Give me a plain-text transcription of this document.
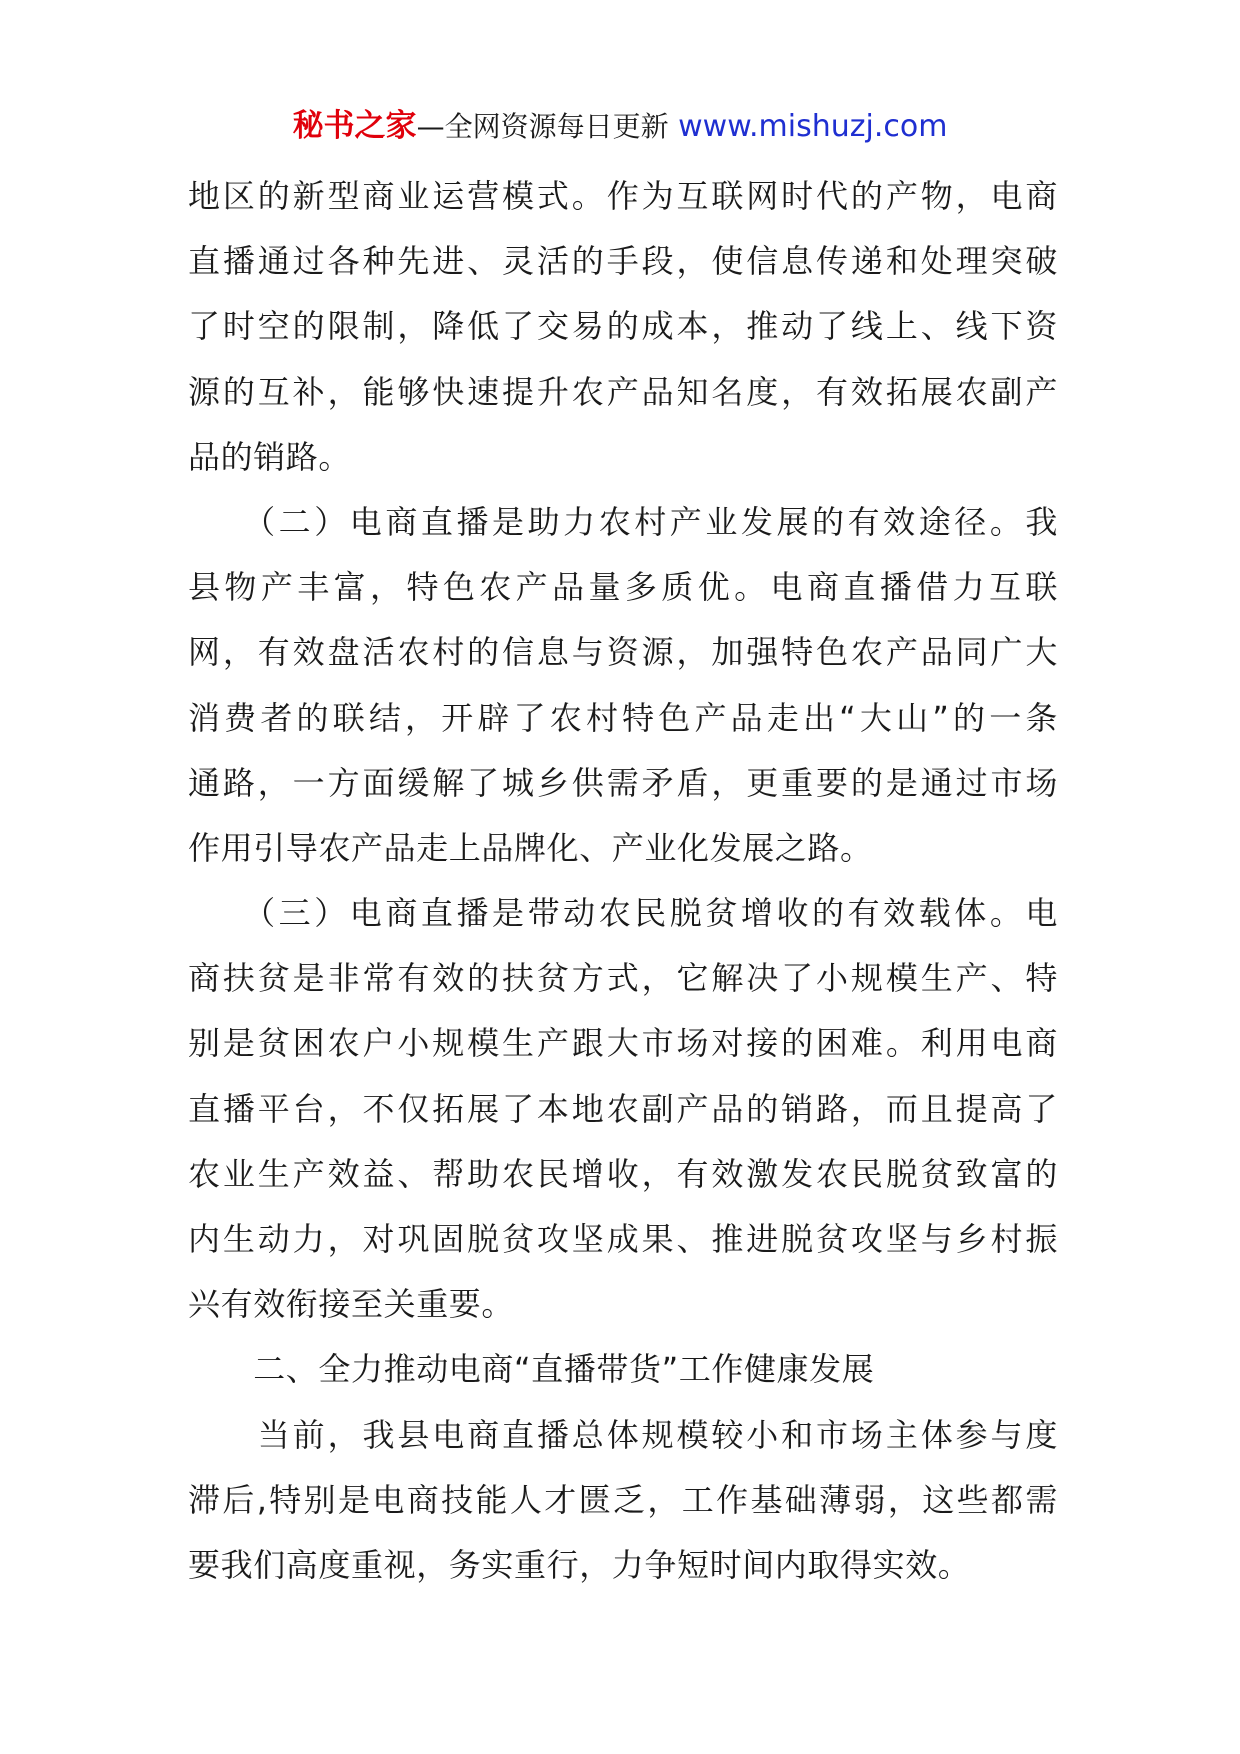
秘书之家—全网资源每日更新 www.mishuzj.com
地区的新型商业运营模式。作为互联网时代的产物，电商
直播通过各种先进、灵活的手段，使信息传递和处理突破
了时空的限制，降低了交易的成本，推动了线上、线下资
源的互补，能够快速提升农产品知名度，有效拓展农副产
品的销路。
　　（二）电商直播是助力农村产业发展的有效途径。我
县物产丰富，特色农产品量多质优。电商直播借力互联
网，有效盘活农村的信息与资源，加强特色农产品同广大
消费者的联结，开辟了农村特色产品走出“大山”的一条
通路，一方面缓解了城乡供需矛盾，更重要的是通过市场
作用引导农产品走上品牌化、产业化发展之路。
　　（三）电商直播是带动农民脱贫增收的有效载体。电
商扶贫是非常有效的扶贫方式，它解决了小规模生产、特
别是贫困农户小规模生产跟大市场对接的困难。利用电商
直播平台，不仅拓展了本地农副产品的销路，而且提高了
农业生产效益、帮助农民增收，有效激发农民脱贫致富的
内生动力，对巩固脱贫攻坚成果、推进脱贫攻坚与乡村振
兴有效衔接至关重要。
　　二、全力推动电商“直播带货”工作健康发展
　　当前，我县电商直播总体规模较小和市场主体参与度
滞后,特别是电商技能人才匮乏，工作基础薄弱，这些都需
要我们高度重视，务实重行，力争短时间内取得实效。
